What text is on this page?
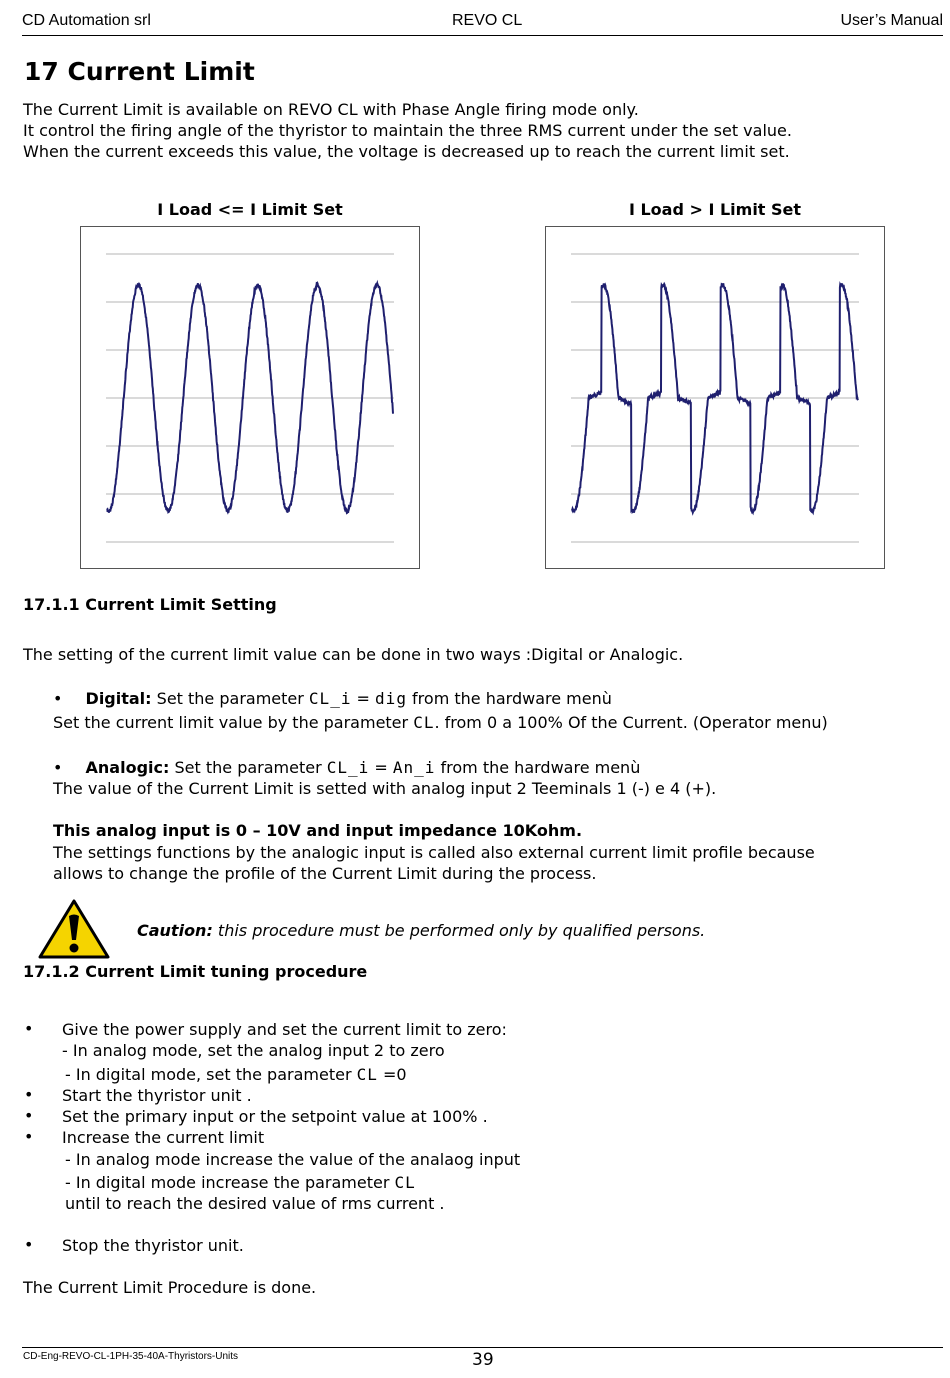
CD Automation srl	REVO CL	User’s Manual
17 Current Limit
The Current Limit is available on REVO CL with Phase Angle firing mode only.
It control the firing angle of the thyristor to maintain the three RMS current under the set value.
When the current exceeds this value, the voltage is decreased up to reach the current limit set.
I Load <= I Limit Set	I Load > I Limit Set
17.1.1 Current Limit Setting
The setting of the current limit value can be done in two ways :Digital or Analogic.
• Digital: Set the parameter CL_i = dig from the hardware menù
Set the current limit value by the parameter CL. from 0 a 100% Of the Current. (Operator menu)
• Analogic: Set the parameter CL_i = An_i from the hardware menù
The value of the Current Limit is setted with analog input 2 Teeminals 1 (-) e 4 (+).
This analog input is 0 – 10V and input impedance 10Kohm.
The settings functions by the analogic input is called also external current limit profile because
allows to change the profile of the Current Limit during the process.
Caution: this procedure must be performed only by qualified persons.
17.1.2 Current Limit tuning procedure
• Give the power supply and set the current limit to zero:
- In analog mode, set the analog input 2 to zero
- In digital mode, set the parameter CL =0
• Start the thyristor unit .
• Set the primary input or the setpoint value at 100% .
• Increase the current limit
- In analog mode increase the value of the analaog input
- In digital mode increase the parameter CL
until to reach the desired value of rms current .
• Stop the thyristor unit.
The Current Limit Procedure is done.
CD-Eng-REVO-CL-1PH-35-40A-Thyristors-Units	39
